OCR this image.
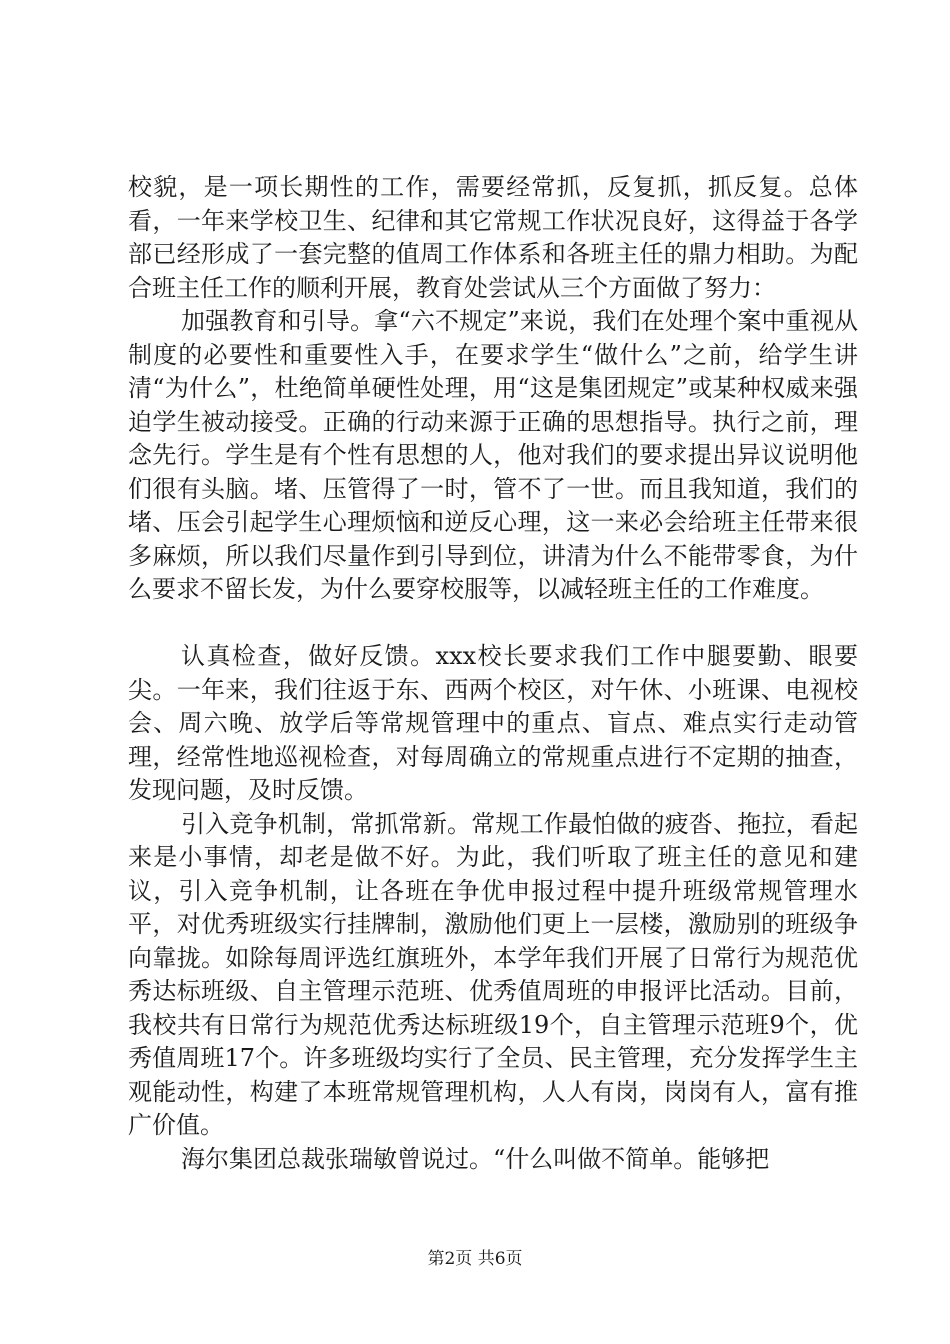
校貌，是一项长期性的工作，需要经常抓，反复抓，抓反复。总体看，一年来学校卫生、纪律和其它常规工作状况良好，这得益于各学部已经形成了一套完整的值周工作体系和各班主任的鼎力相助。为配合班主任工作的顺利开展，教育处尝试从三个方面做了努力：

加强教育和引导。拿“六不规定”来说，我们在处理个案中重视从制度的必要性和重要性入手，在要求学生“做什么”之前，给学生讲清“为什么”，杜绝简单硬性处理，用“这是集团规定”或某种权威来强迫学生被动接受。正确的行动来源于正确的思想指导。执行之前，理念先行。学生是有个性有思想的人，他对我们的要求提出异议说明他们很有头脑。堵、压管得了一时，管不了一世。而且我知道，我们的堵、压会引起学生心理烦恼和逆反心理，这一来必会给班主任带来很多麻烦，所以我们尽量作到引导到位，讲清为什么不能带零食，为什么要求不留长发，为什么要穿校服等，以减轻班主任的工作难度。

认真检查，做好反馈。xxx校长要求我们工作中腿要勤、眼要尖。一年来，我们往返于东、西两个校区，对午休、小班课、电视校会、周六晚、放学后等常规管理中的重点、盲点、难点实行走动管理，经常性地巡视检查，对每周确立的常规重点进行不定期的抽查，发现问题，及时反馈。

引入竞争机制，常抓常新。常规工作最怕做的疲沓、拖拉，看起来是小事情，却老是做不好。为此，我们听取了班主任的意见和建议，引入竞争机制，让各班在争优申报过程中提升班级常规管理水平，对优秀班级实行挂牌制，激励他们更上一层楼，激励别的班级争向靠拢。如除每周评选红旗班外，本学年我们开展了日常行为规范优秀达标班级、自主管理示范班、优秀值周班的申报评比活动。目前，我校共有日常行为规范优秀达标班级19个，自主管理示范班9个，优秀值周班17个。许多班级均实行了全员、民主管理，充分发挥学生主观能动性，构建了本班常规管理机构，人人有岗，岗岗有人，富有推广价值。

海尔集团总裁张瑞敏曾说过。“什么叫做不简单。能够把

第2页 共6页
